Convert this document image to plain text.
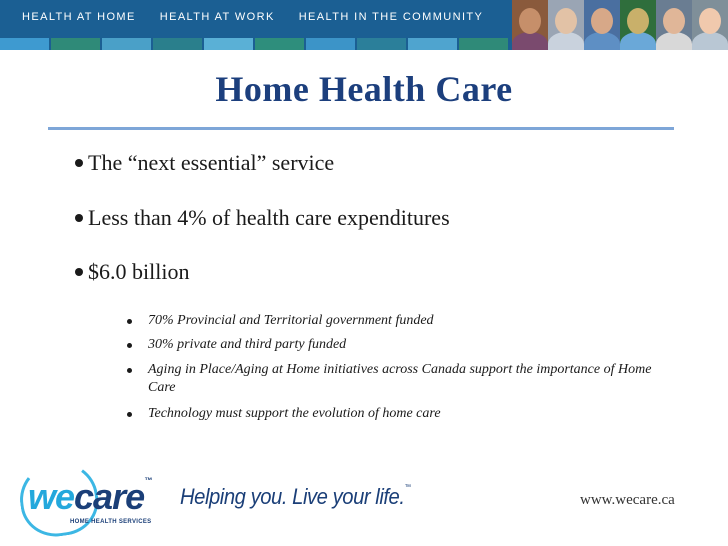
HEALTH AT HOME HEALTH AT WORK HEALTH IN THE COMMUNITY
Home Health Care
The “next essential” service
Less than 4% of health care expenditures
$6.0 billion
70% Provincial and Territorial government funded
30% private and third party funded
Aging in Place/Aging at Home initiatives across Canada support the importance of Home Care
Technology must support the evolution of home care
wecare™
HOME HEALTH SERVICES
Helping you. Live your life.™
www.wecare.ca
